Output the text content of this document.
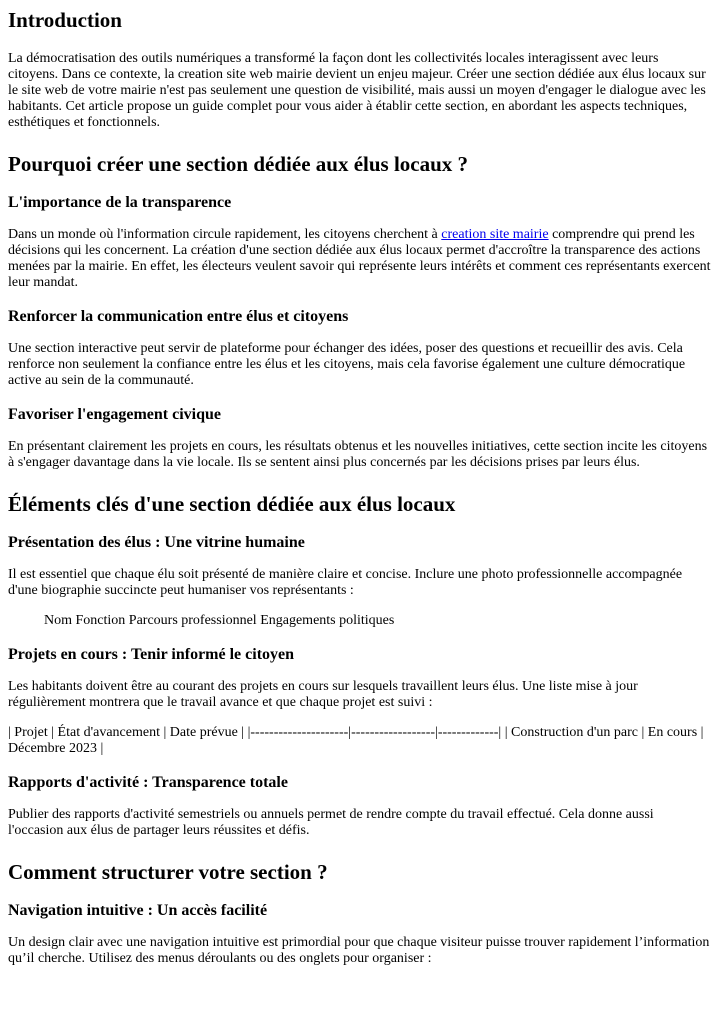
Introduction

La démocratisation des outils numériques a transformé la façon dont les collectivités locales interagissent avec leurs citoyens. Dans ce contexte, la creation site web mairie devient un enjeu majeur. Créer une section dédiée aux élus locaux sur le site web de votre mairie n'est pas seulement une question de visibilité, mais aussi un moyen d'engager le dialogue avec les habitants. Cet article propose un guide complet pour vous aider à établir cette section, en abordant les aspects techniques, esthétiques et fonctionnels.

Pourquoi créer une section dédiée aux élus locaux ?
L'importance de la transparence

Dans un monde où l'information circule rapidement, les citoyens cherchent à creation site mairie comprendre qui prend les décisions qui les concernent. La création d'une section dédiée aux élus locaux permet d'accroître la transparence des actions menées par la mairie. En effet, les électeurs veulent savoir qui représente leurs intérêts et comment ces représentants exercent leur mandat.

Renforcer la communication entre élus et citoyens

Une section interactive peut servir de plateforme pour échanger des idées, poser des questions et recueillir des avis. Cela renforce non seulement la confiance entre les élus et les citoyens, mais cela favorise également une culture démocratique active au sein de la communauté.

Favoriser l'engagement civique

En présentant clairement les projets en cours, les résultats obtenus et les nouvelles initiatives, cette section incite les citoyens à s'engager davantage dans la vie locale. Ils se sentent ainsi plus concernés par les décisions prises par leurs élus.

Éléments clés d'une section dédiée aux élus locaux
Présentation des élus : Une vitrine humaine

Il est essentiel que chaque élu soit présenté de manière claire et concise. Inclure une photo professionnelle accompagnée d'une biographie succincte peut humaniser vos représentants :

Nom Fonction Parcours professionnel Engagements politiques

Projets en cours : Tenir informé le citoyen

Les habitants doivent être au courant des projets en cours sur lesquels travaillent leurs élus. Une liste mise à jour régulièrement montrera que le travail avance et que chaque projet est suivi :

| Projet | État d'avancement | Date prévue | |---------------------|------------------|-------------| | Construction d'un parc | En cours | Décembre 2023 |

Rapports d'activité : Transparence totale

Publier des rapports d'activité semestriels ou annuels permet de rendre compte du travail effectué. Cela donne aussi l'occasion aux élus de partager leurs réussites et défis.

Comment structurer votre section ?
Navigation intuitive : Un accès facilité

Un design clair avec une navigation intuitive est primordial pour que chaque visiteur puisse trouver rapidement l’information qu’il cherche. Utilisez des menus déroulants ou des onglets pour organiser :
